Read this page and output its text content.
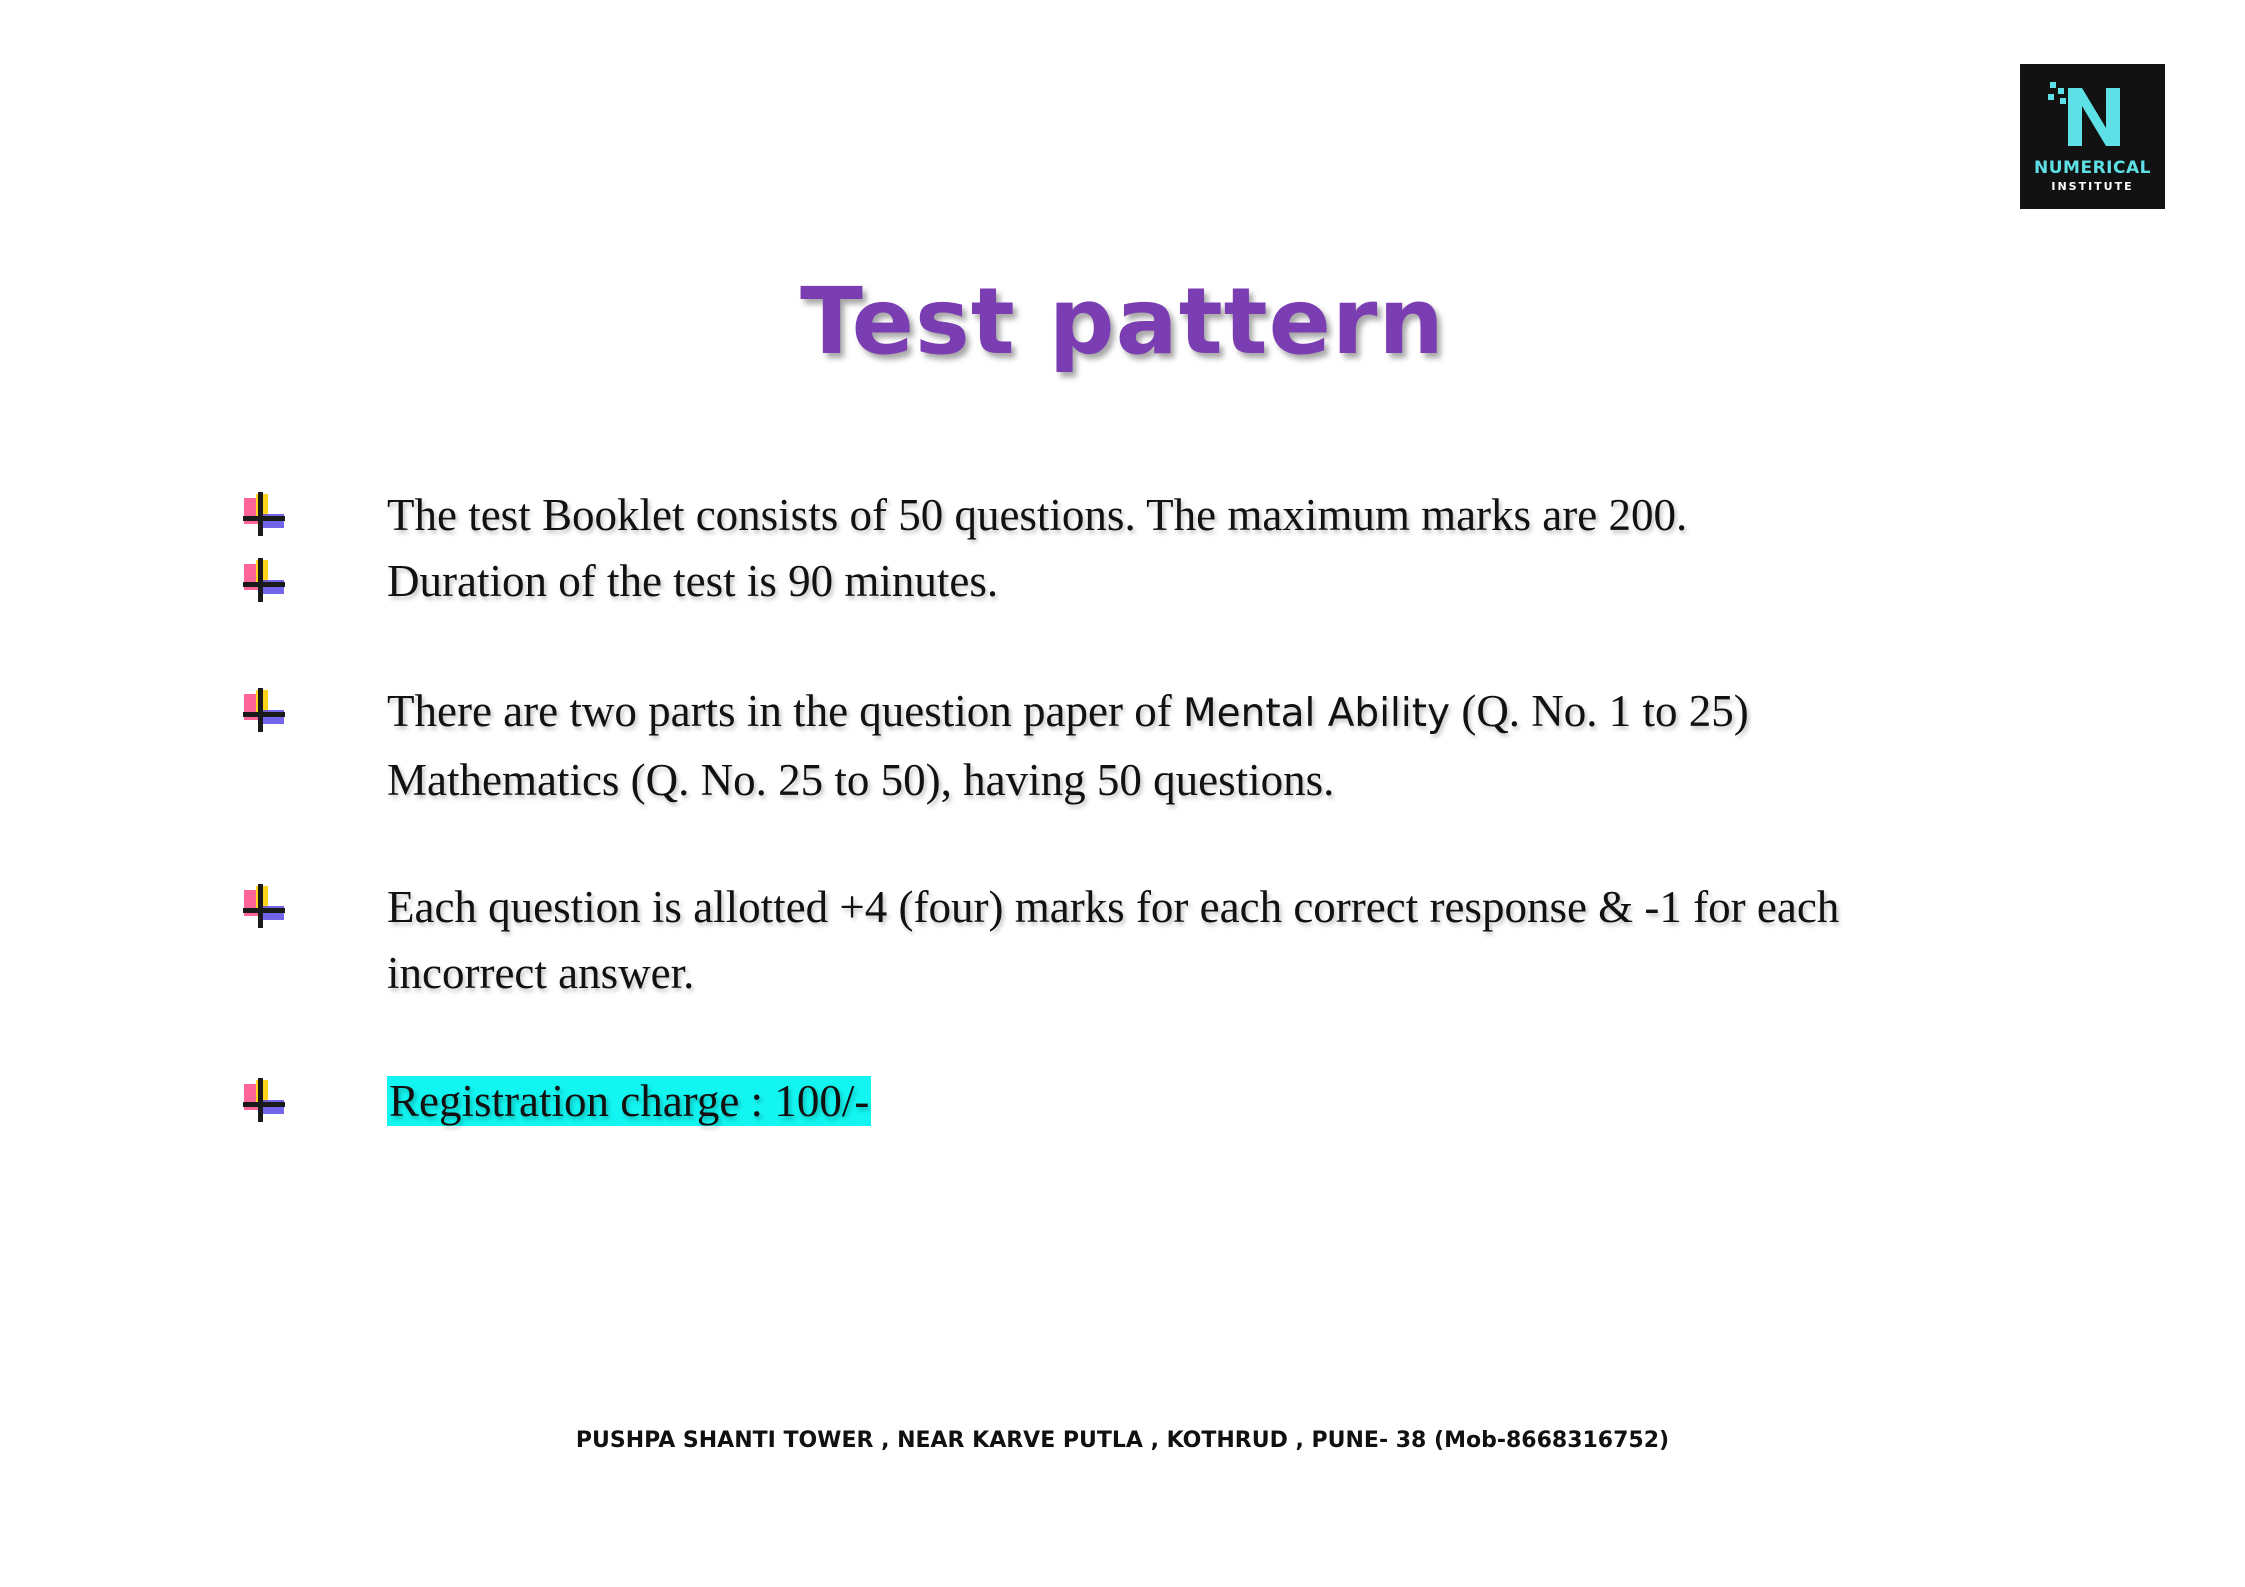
NUMERICAL
INSTITUTE
Test pattern
The test Booklet consists of 50 questions. The maximum marks are 200.
Duration of the test is 90 minutes.
There are two parts in the question paper of Mental Ability (Q. No. 1 to 25)
Mathematics (Q. No. 25 to 50), having 50 questions.
Each question is allotted +4 (four) marks for each correct response & -1 for each
incorrect answer.
Registration charge : 100/-
PUSHPA SHANTI TOWER , NEAR KARVE PUTLA , KOTHRUD , PUNE- 38 (Mob-8668316752)
